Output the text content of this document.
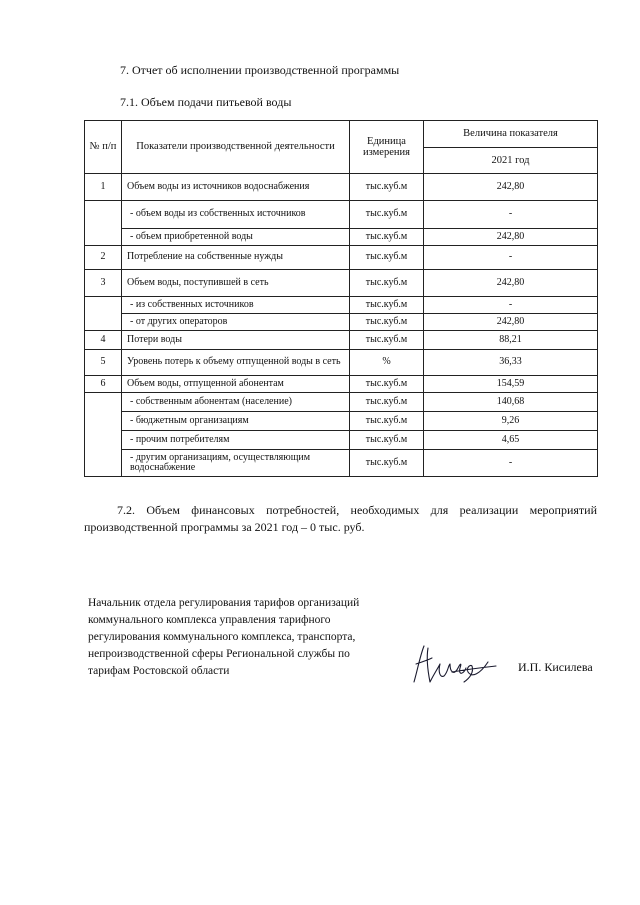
7. Отчет об исполнении производственной программы
7.1. Объем подачи питьевой воды
№ п/п	Показатели производственной деятельности	Единица измерения	Величина показателя
			2021 год
1	Объем воды из источников водоснабжения	тыс.куб.м	242,80
	- объем воды из собственных источников	тыс.куб.м	-
	- объем приобретенной воды	тыс.куб.м	242,80
2	Потребление на собственные нужды	тыс.куб.м	-
3	Объем воды, поступившей в сеть	тыс.куб.м	242,80
	- из собственных источников	тыс.куб.м	-
	- от других операторов	тыс.куб.м	242,80
4	Потери воды	тыс.куб.м	88,21
5	Уровень потерь к объему отпущенной воды в сеть	%	36,33
6	Объем воды, отпущенной абонентам	тыс.куб.м	154,59
	- собственным абонентам (население)	тыс.куб.м	140,68
	- бюджетным организациям	тыс.куб.м	9,26
	- прочим потребителям	тыс.куб.м	4,65
	- другим организациям, осуществляющим водоснабжение	тыс.куб.м	-
7.2. Объем финансовых потребностей, необходимых для реализации мероприятий производственной программы за 2021 год – 0 тыс. руб.
Начальник отдела регулирования тарифов организаций
коммунального комплекса управления тарифного
регулирования коммунального комплекса, транспорта,
непроизводственной сферы Региональной службы по
тарифам Ростовской области	И.П. Кисилева
